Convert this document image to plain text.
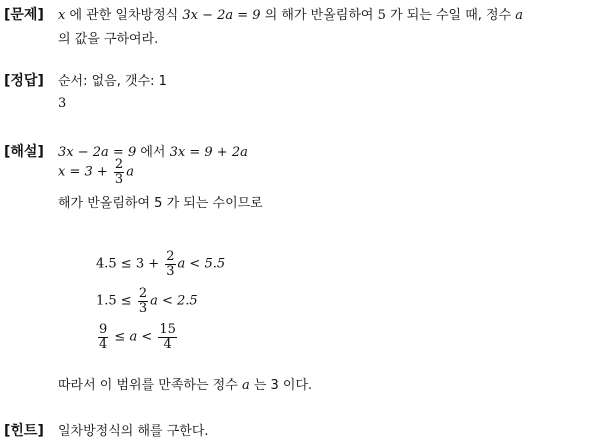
[문제] x 에 관한 일차방정식 3x − 2a = 9 의 해가 반올림하여 5 가 되는 수일 때, 정수 a
의 값을 구하여라.
[정답] 순서: 없음, 갯수: 1
3
[해설] 3x − 2a = 9 에서 3x = 9 + 2a
$x = 3 + \frac{2}{3}$ a
해가 반올림하여 5 가 되는 수이므로
$4.5 \le 3 + \frac{2}{3}$ a < 5.5
$1.5 \le \frac{2}{3}$ a < 2.5
$\frac{9}{4} \le a < \frac{15}{4}$
따라서 이 범위를 만족하는 정수 a 는 3 이다.
[힌트] 일차방정식의 해를 구한다.
